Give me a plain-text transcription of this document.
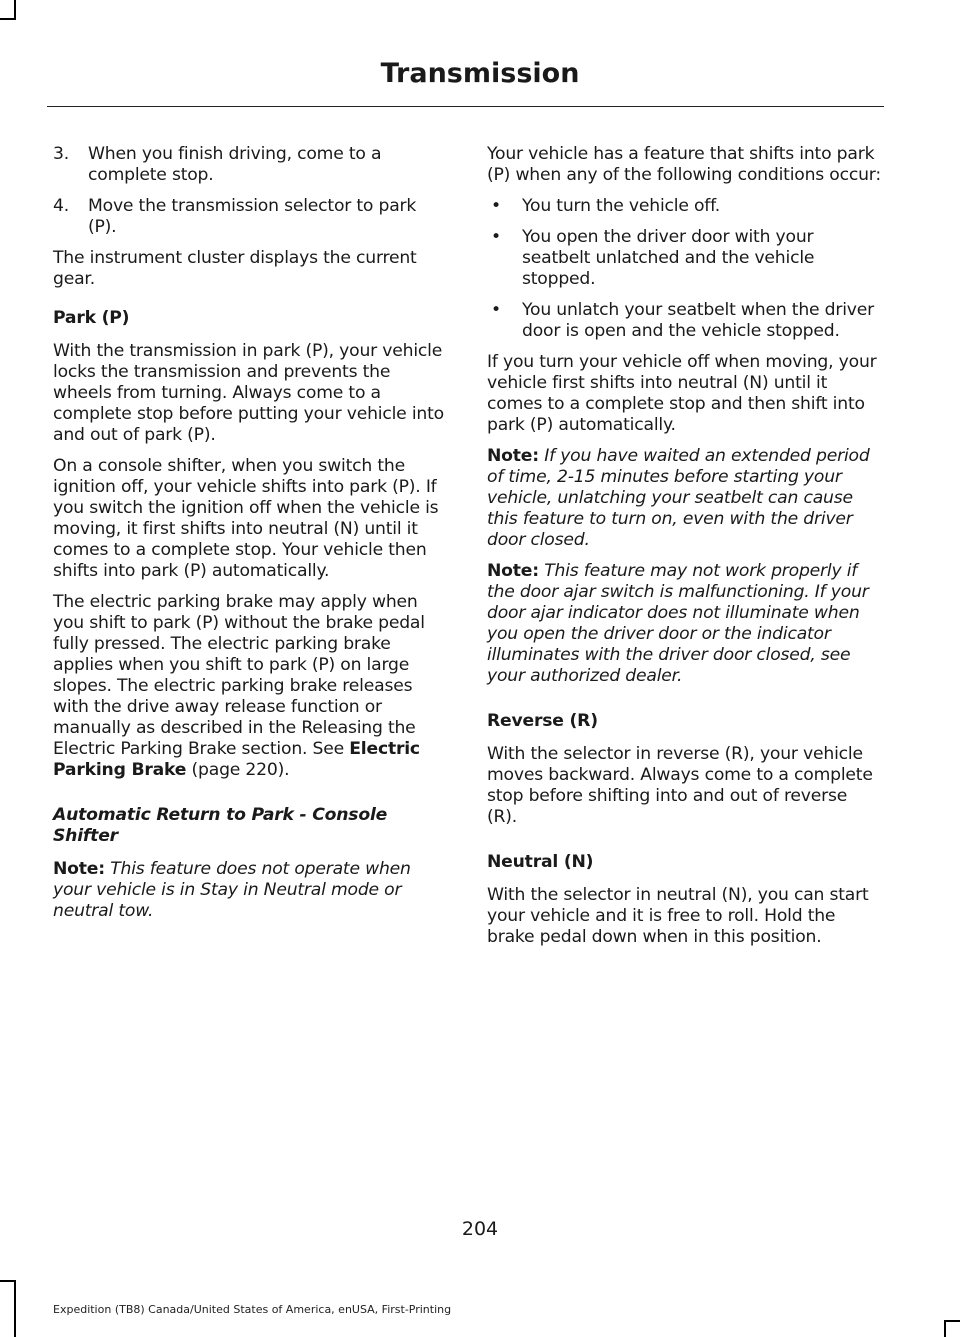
Transmission
3. When you finish driving, come to a complete stop.
4. Move the transmission selector to park (P).

The instrument cluster displays the current gear.

Park (P)

With the transmission in park (P), your vehicle locks the transmission and prevents the wheels from turning. Always come to a complete stop before putting your vehicle into and out of park (P).

On a console shifter, when you switch the ignition off, your vehicle shifts into park (P). If you switch the ignition off when the vehicle is moving, it first shifts into neutral (N) until it comes to a complete stop. Your vehicle then shifts into park (P) automatically.

The electric parking brake may apply when you shift to park (P) without the brake pedal fully pressed. The electric parking brake applies when you shift to park (P) on large slopes. The electric parking brake releases with the drive away release function or manually as described in the Releasing the Electric Parking Brake section. See Electric Parking Brake (page 220).

Automatic Return to Park - Console Shifter

Note: This feature does not operate when your vehicle is in Stay in Neutral mode or neutral tow.

Your vehicle has a feature that shifts into park (P) when any of the following conditions occur:

• You turn the vehicle off.
• You open the driver door with your seatbelt unlatched and the vehicle stopped.
• You unlatch your seatbelt when the driver door is open and the vehicle stopped.

If you turn your vehicle off when moving, your vehicle first shifts into neutral (N) until it comes to a complete stop and then shift into park (P) automatically.

Note: If you have waited an extended period of time, 2-15 minutes before starting your vehicle, unlatching your seatbelt can cause this feature to turn on, even with the driver door closed.

Note: This feature may not work properly if the door ajar switch is malfunctioning. If your door ajar indicator does not illuminate when you open the driver door or the indicator illuminates with the driver door closed, see your authorized dealer.

Reverse (R)

With the selector in reverse (R), your vehicle moves backward. Always come to a complete stop before shifting into and out of reverse (R).

Neutral (N)

With the selector in neutral (N), you can start your vehicle and it is free to roll. Hold the brake pedal down when in this position.

204
Expedition (TB8) Canada/United States of America, enUSA, First-Printing
